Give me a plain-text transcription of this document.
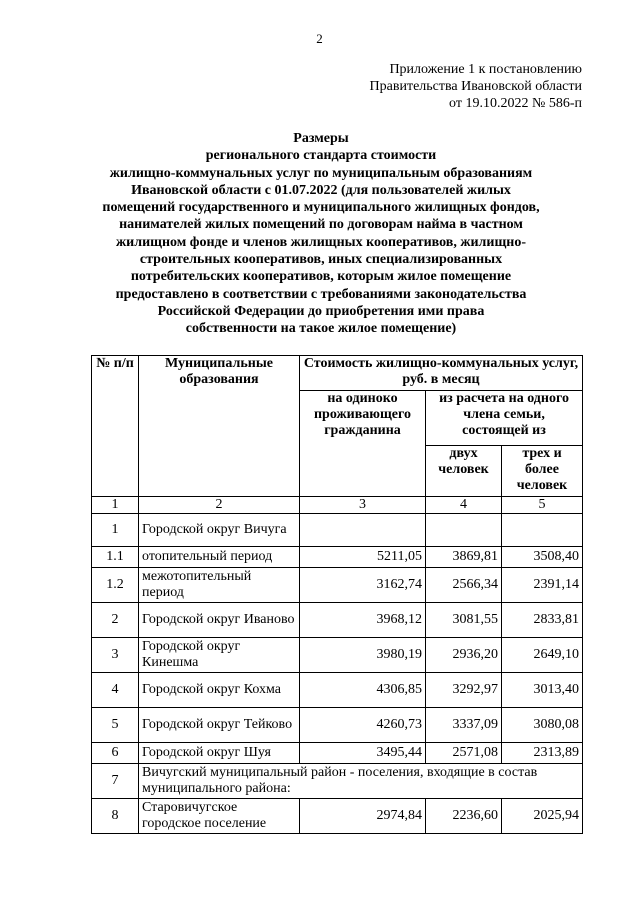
2
Приложение 1 к постановлению
Правительства Ивановской области
от 19.10.2022 № 586-п
Размеры
регионального стандарта стоимости
жилищно-коммунальных услуг по муниципальным образованиям
Ивановской области с 01.07.2022 (для пользователей жилых
помещений государственного и муниципального жилищных фондов,
нанимателей жилых помещений по договорам найма в частном
жилищном фонде и членов жилищных кооперативов, жилищно-
строительных кооперативов, иных специализированных
потребительских кооперативов, которым жилое помещение
предоставлено в соответствии с требованиями законодательства
Российской Федерации до приобретения ими права
собственности на такое жилое помещение)
№ п/п	Муниципальные образования	Стоимость жилищно-коммунальных услуг, руб. в месяц		
		на одиноко проживающего гражданина	из расчета на одного члена семьи, состоящей из	
			двух человек	трех и более человек
1	2	3	4	5
1	Городской округ Вичуга			
1.1	отопительный период	5211,05	3869,81	3508,40
1.2	межотопительный период	3162,74	2566,34	2391,14
2	Городской округ Иваново	3968,12	3081,55	2833,81
3	Городской округ Кинешма	3980,19	2936,20	2649,10
4	Городской округ Кохма	4306,85	3292,97	3013,40
5	Городской округ Тейково	4260,73	3337,09	3080,08
6	Городской округ Шуя	3495,44	2571,08	2313,89
7	Вичугский муниципальный район - поселения, входящие в состав муниципального района:			
8	Старовичугское городское поселение	2974,84	2236,60	2025,94
